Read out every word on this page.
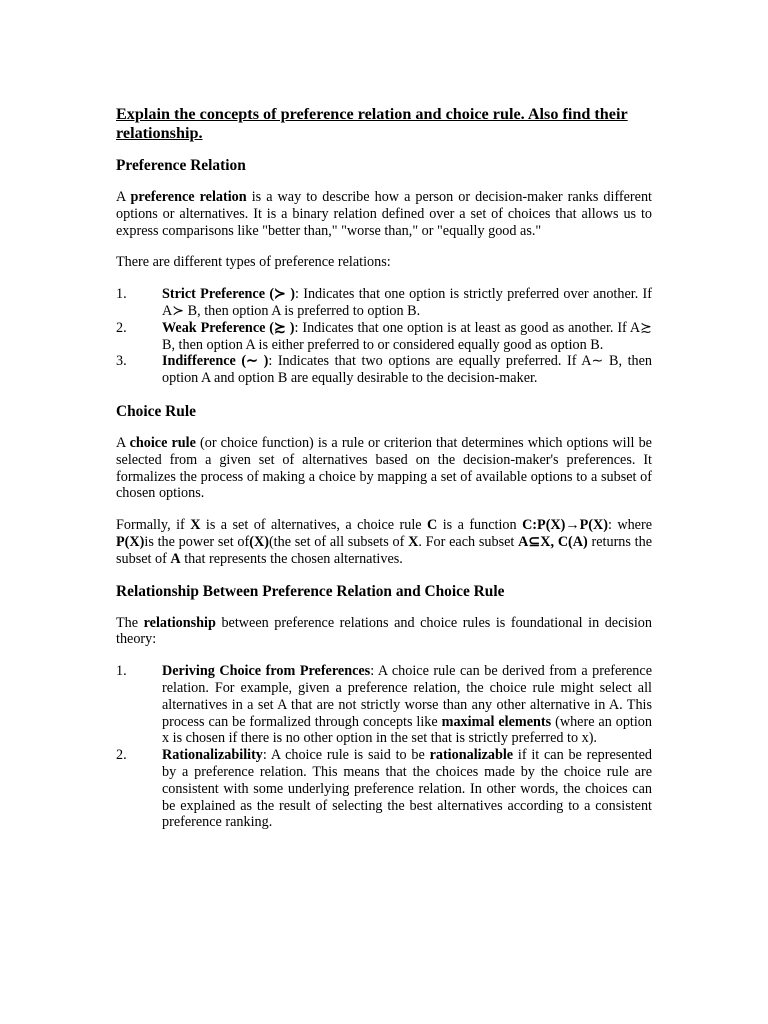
Explain the concepts of preference relation and choice rule. Also find their relationship.
Preference Relation

A preference relation is a way to describe how a person or decision-maker ranks different options or alternatives. It is a binary relation defined over a set of choices that allows us to express comparisons like "better than," "worse than," or "equally good as."

There are different types of preference relations:

1. Strict Preference (≻ ): Indicates that one option is strictly preferred over another. If A≻ B, then option A is preferred to option B.
2. Weak Preference (≿ ): Indicates that one option is at least as good as another. If A≿ B, then option A is either preferred to or considered equally good as option B.
3. Indifference (∼ ): Indicates that two options are equally preferred. If A∼ B, then option A and option B are equally desirable to the decision-maker.
Choice Rule

A choice rule (or choice function) is a rule or criterion that determines which options will be selected from a given set of alternatives based on the decision-maker's preferences. It formalizes the process of making a choice by mapping a set of available options to a subset of chosen options.

Formally, if X is a set of alternatives, a choice rule C is a function C:P(X)→P(X): where P(X)is the power set of(X)(the set of all subsets of X. For each subset A⊆X, C(A) returns the subset of A that represents the chosen alternatives.

Relationship Between Preference Relation and Choice Rule

The relationship between preference relations and choice rules is foundational in decision theory:

1. Deriving Choice from Preferences: A choice rule can be derived from a preference relation. For example, given a preference relation, the choice rule might select all alternatives in a set A that are not strictly worse than any other alternative in A. This process can be formalized through concepts like maximal elements (where an option x is chosen if there is no other option in the set that is strictly preferred to x).
2. Rationalizability: A choice rule is said to be rationalizable if it can be represented by a preference relation. This means that the choices made by the choice rule are consistent with some underlying preference relation. In other words, the choices can be explained as the result of selecting the best alternatives according to a consistent preference ranking.
